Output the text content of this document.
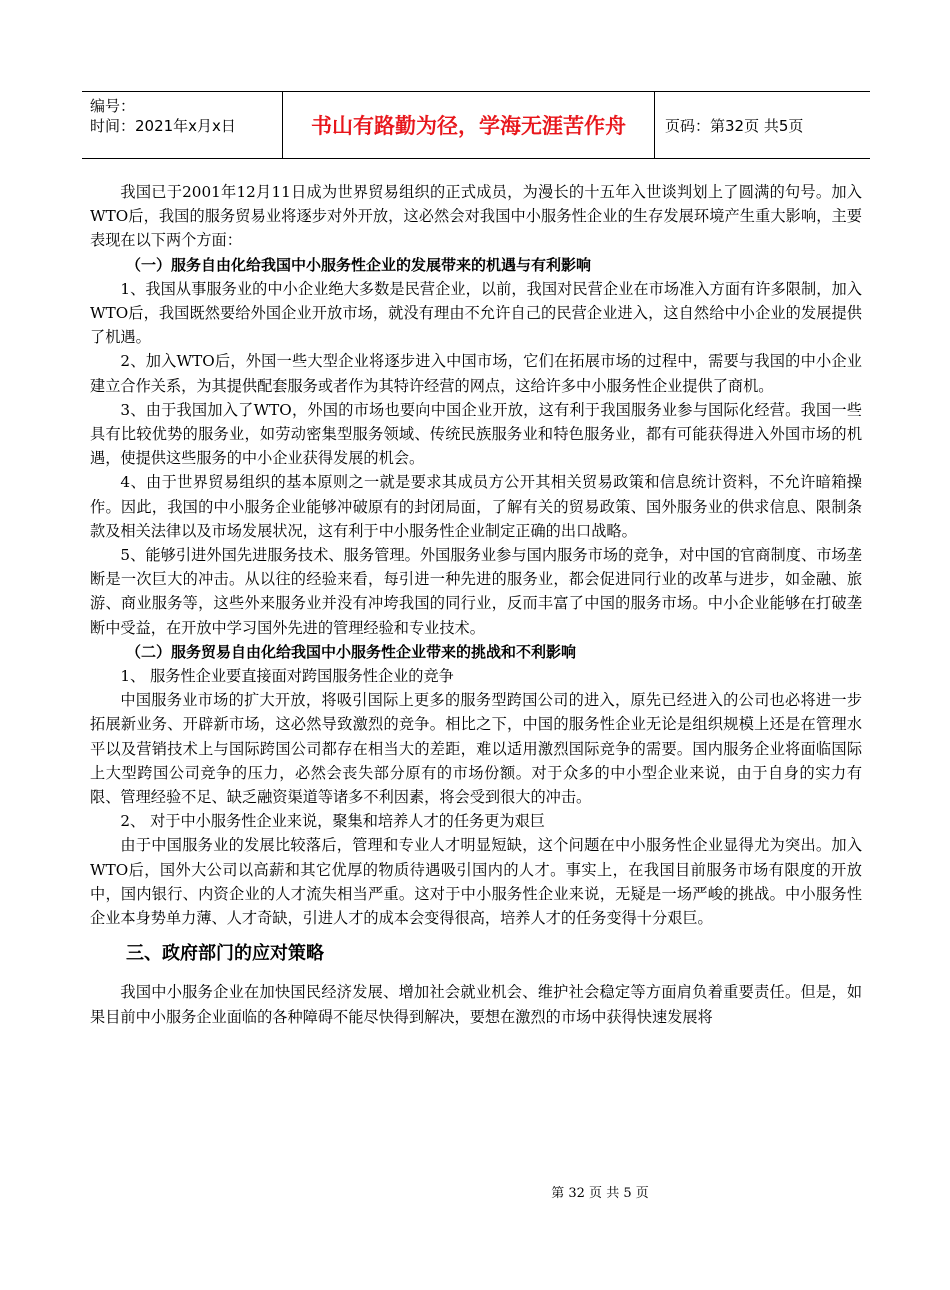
编号：
时间：2021年x月x日	书山有路勤为径，学海无涯苦作舟	页码：第32页 共5页

我国已于2001年12月11日成为世界贸易组织的正式成员，为漫长的十五年入世谈判划上了圆满的句号。加入WTO后，我国的服务贸易业将逐步对外开放，这必然会对我国中小服务性企业的生存发展环境产生重大影响，主要表现在以下两个方面：

（一）服务自由化给我国中小服务性企业的发展带来的机遇与有利影响

1、我国从事服务业的中小企业绝大多数是民营企业，以前，我国对民营企业在市场准入方面有许多限制，加入WTO后，我国既然要给外国企业开放市场，就没有理由不允许自己的民营企业进入，这自然给中小企业的发展提供了机遇。

2、加入WTO后，外国一些大型企业将逐步进入中国市场，它们在拓展市场的过程中，需要与我国的中小企业建立合作关系，为其提供配套服务或者作为其特许经营的网点，这给许多中小服务性企业提供了商机。

3、由于我国加入了WTO，外国的市场也要向中国企业开放，这有利于我国服务业参与国际化经营。我国一些具有比较优势的服务业，如劳动密集型服务领域、传统民族服务业和特色服务业，都有可能获得进入外国市场的机遇，使提供这些服务的中小企业获得发展的机会。

4、由于世界贸易组织的基本原则之一就是要求其成员方公开其相关贸易政策和信息统计资料，不允许暗箱操作。因此，我国的中小服务企业能够冲破原有的封闭局面，了解有关的贸易政策、国外服务业的供求信息、限制条款及相关法律以及市场发展状况，这有利于中小服务性企业制定正确的出口战略。

5、能够引进外国先进服务技术、服务管理。外国服务业参与国内服务市场的竞争，对中国的官商制度、市场垄断是一次巨大的冲击。从以往的经验来看，每引进一种先进的服务业，都会促进同行业的改革与进步，如金融、旅游、商业服务等，这些外来服务业并没有冲垮我国的同行业，反而丰富了中国的服务市场。中小企业能够在打破垄断中受益，在开放中学习国外先进的管理经验和专业技术。

（二）服务贸易自由化给我国中小服务性企业带来的挑战和不利影响

1、 服务性企业要直接面对跨国服务性企业的竞争

中国服务业市场的扩大开放，将吸引国际上更多的服务型跨国公司的进入，原先已经进入的公司也必将进一步拓展新业务、开辟新市场，这必然导致激烈的竞争。相比之下，中国的服务性企业无论是组织规模上还是在管理水平以及营销技术上与国际跨国公司都存在相当大的差距，难以适用激烈国际竞争的需要。国内服务企业将面临国际上大型跨国公司竞争的压力，必然会丧失部分原有的市场份额。对于众多的中小型企业来说，由于自身的实力有限、管理经验不足、缺乏融资渠道等诸多不利因素，将会受到很大的冲击。

2、 对于中小服务性企业来说，聚集和培养人才的任务更为艰巨

由于中国服务业的发展比较落后，管理和专业人才明显短缺，这个问题在中小服务性企业显得尤为突出。加入WTO后，国外大公司以高薪和其它优厚的物质待遇吸引国内的人才。事实上，在我国目前服务市场有限度的开放中，国内银行、内资企业的人才流失相当严重。这对于中小服务性企业来说，无疑是一场严峻的挑战。中小服务性企业本身势单力薄、人才奇缺，引进人才的成本会变得很高，培养人才的任务变得十分艰巨。

三、政府部门的应对策略

我国中小服务企业在加快国民经济发展、增加社会就业机会、维护社会稳定等方面肩负着重要责任。但是，如果目前中小服务企业面临的各种障碍不能尽快得到解决，要想在激烈的市场中获得快速发展将

第 32 页 共 5 页
